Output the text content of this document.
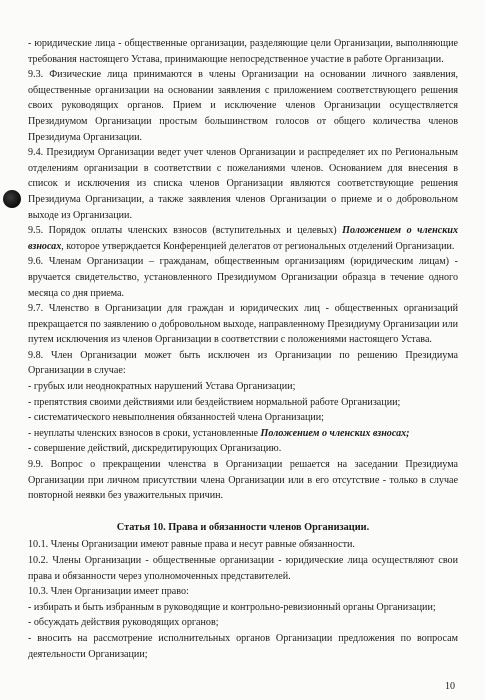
- юридические лица - общественные организации, разделяющие цели Организации, выполняющие требования настоящего Устава, принимающие непосредственное участие в работе Организации.

9.3. Физические лица принимаются в члены Организации на основании личного заявления, общественные организации на основании заявления с приложением соответствующего решения своих руководящих органов. Прием и исключение членов Организации осуществляется Президиумом Организации простым большинством голосов от общего количества членов Президиума Организации.

9.4. Президиум Организации ведет учет членов Организации и распределяет их по Региональным отделениям организации в соответствии с пожеланиями членов. Основанием для внесения в список и исключения из списка членов Организации являются соответствующие решения Президиума Организации, а также заявления членов Организации о приеме и о добровольном выходе из Организации.

9.5. Порядок оплаты членских взносов (вступительных и целевых) Положением о членских взносах, которое утверждается Конференцией делегатов от региональных отделений Организации.

9.6. Членам Организации – гражданам, общественным организациям (юридическим лицам) - вручается свидетельство, установленного Президиумом Организации образца в течение одного месяца со дня приема.

9.7. Членство в Организации для граждан и юридических лиц - общественных организаций прекращается по заявлению о добровольном выходе, направленному Президиуму Организации или путем исключения из членов Организации в соответствии с положениями настоящего Устава.

9.8. Член Организации может быть исключен из Организации по решению Президиума Организации в случае:

- грубых или неоднократных нарушений Устава Организации;

- препятствия своими действиями или бездействием нормальной работе Организации;

- систематического невыполнения обязанностей члена Организации;

- неуплаты членских взносов в сроки, установленные Положением о членских взносах;

- совершение действий, дискредитирующих Организацию.

9.9. Вопрос о прекращении членства в Организации решается на заседании Президиума Организации при личном присутствии члена Организации или в его отсутствие - только в случае повторной неявки без уважительных причин.

Статья 10. Права и обязанности членов Организации.

10.1. Члены Организации имеют равные права и несут равные обязанности.

10.2. Члены Организации - общественные организации - юридические лица осуществляют свои права и обязанности через уполномоченных представителей.

10.3. Член Организации имеет право:

- избирать и быть избранным в руководящие и контрольно-ревизионный органы Организации;

- обсуждать действия руководящих органов;

- вносить на рассмотрение исполнительных органов Организации предложения по вопросам деятельности Организации;

10
